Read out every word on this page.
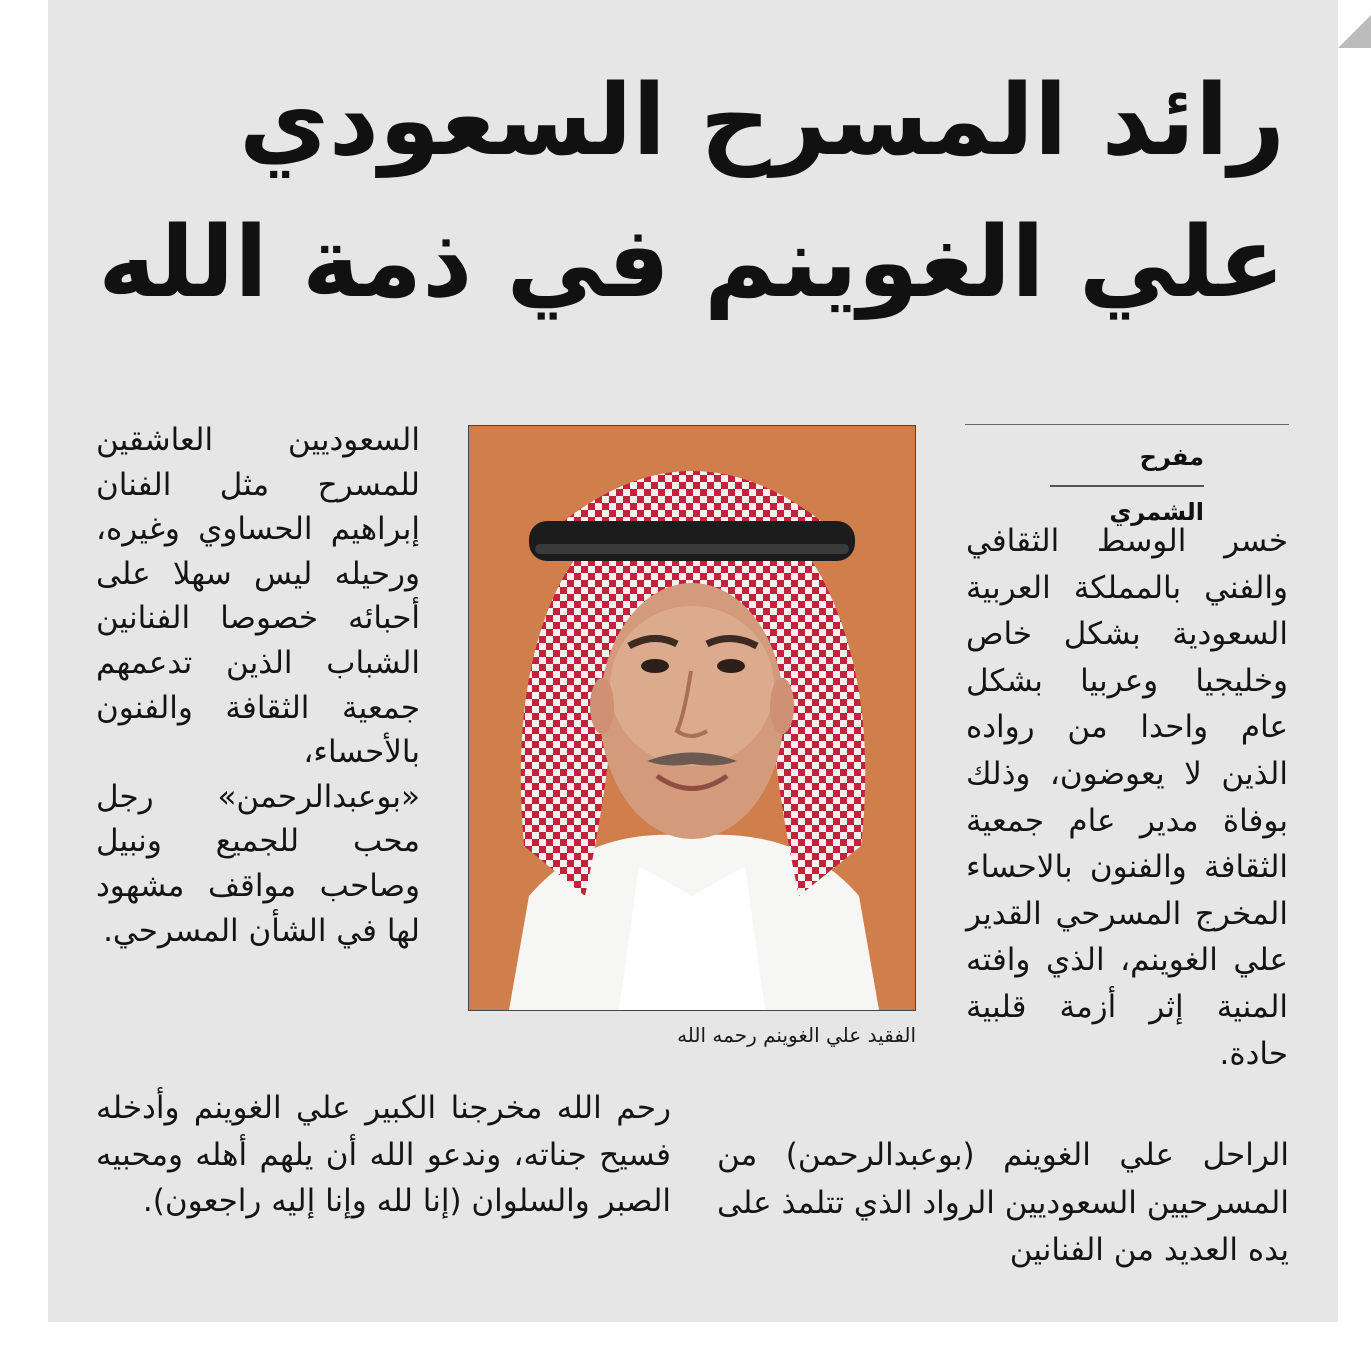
رائد المسرح السعودي
علي الغوينم في ذمة الله
مفرح الشمري

خسر الوسط الثقافي والفني بالمملكة العربية السعودية بشكل خاص وخليجيا وعربيا بشكل عام واحدا من رواده الذين لا يعوضون، وذلك بوفاة مدير عام جمعية الثقافة والفنون بالاحساء المخرج المسرحي القدير علي الغوينم، الذي وافته المنية إثر أزمة قلبية حادة.

الفقيد علي الغوينم رحمه الله

السعوديين العاشقين للمسرح مثل الفنان إبراهيم الحساوي وغيره، ورحيله ليس سهلا على أحبائه خصوصا الفنانين الشباب الذين تدعمهم جمعية الثقافة والفنون بالأحساء، «بوعبدالرحمن» رجل محب للجميع ونبيل وصاحب مواقف مشهود لها في الشأن المسرحي.

الراحل علي الغوينم (بوعبدالرحمن) من المسرحيين السعوديين الرواد الذي تتلمذ على يده العديد من الفنانين

رحم الله مخرجنا الكبير علي الغوينم وأدخله فسيح جناته، وندعو الله أن يلهم أهله ومحبيه الصبر والسلوان (إنا لله وإنا إليه راجعون).
